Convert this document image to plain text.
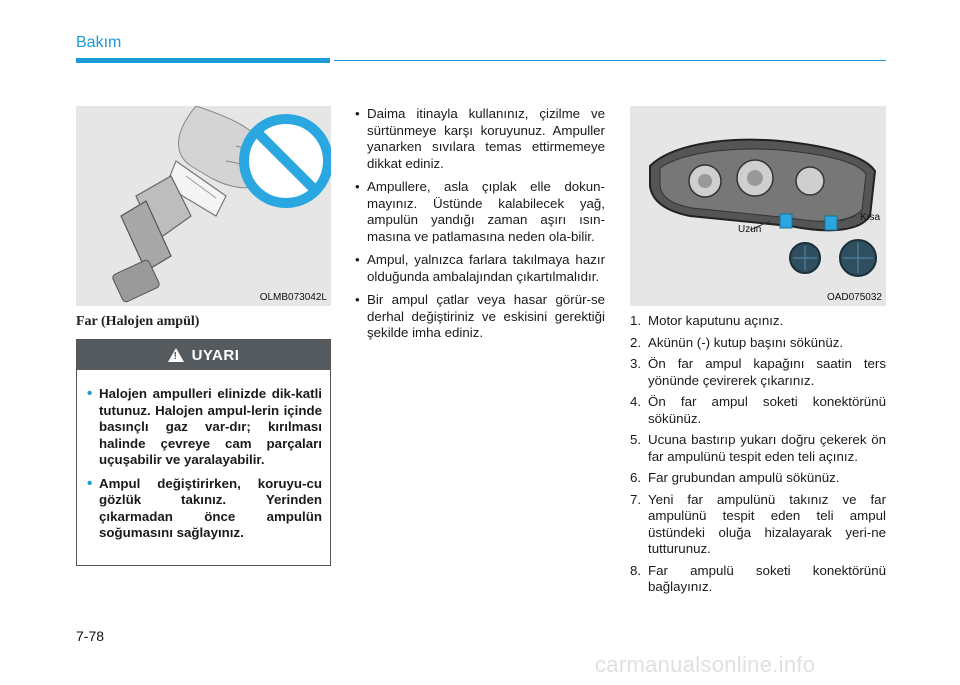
Bakım
OLMB073042L
Far (Halojen ampül)
! UYARI
• Halojen ampulleri elinizde dik-katli tutunuz. Halojen ampul-lerin içinde basınçlı gaz var-dır; kırılması halinde çevreye cam parçaları uçuşabilir ve yaralayabilir.
• Ampul değiştirirken, koruyu-cu gözlük takınız. Yerinden çıkarmadan önce ampulün soğumasını sağlayınız.
• Daima itinayla kullanınız, çizilme ve sürtünmeye karşı koruyunuz. Ampuller yanarken sıvılara temas ettirmemeye dikkat ediniz.
• Ampullere, asla çıplak elle dokun-mayınız. Üstünde kalabilecek yağ, ampulün yandığı zaman aşırı ısın-masına ve patlamasına neden ola-bilir.
• Ampul, yalnızca farlara takılmaya hazır olduğunda ambalajından çıkartılmalıdır.
• Bir ampul çatlar veya hasar görür-se derhal değiştiriniz ve eskisini gerektiği şekilde imha ediniz.
Uzun
Kısa
OAD075032
1. Motor kaputunu açınız.
2. Akünün (-) kutup başını sökünüz.
3. Ön far ampul kapağını saatin ters yönünde çevirerek çıkarınız.
4. Ön far ampul soketi konektörünü sökünüz.
5. Ucuna bastırıp yukarı doğru çekerek ön far ampulünü tespit eden teli açınız.
6. Far grubundan ampulü sökünüz.
7. Yeni far ampulünü takınız ve far ampulünü tespit eden teli ampul üstündeki oluğa hizalayarak yeri-ne tutturunuz.
8. Far ampulü soketi konektörünü bağlayınız.
7-78
carmanualsonline.info
